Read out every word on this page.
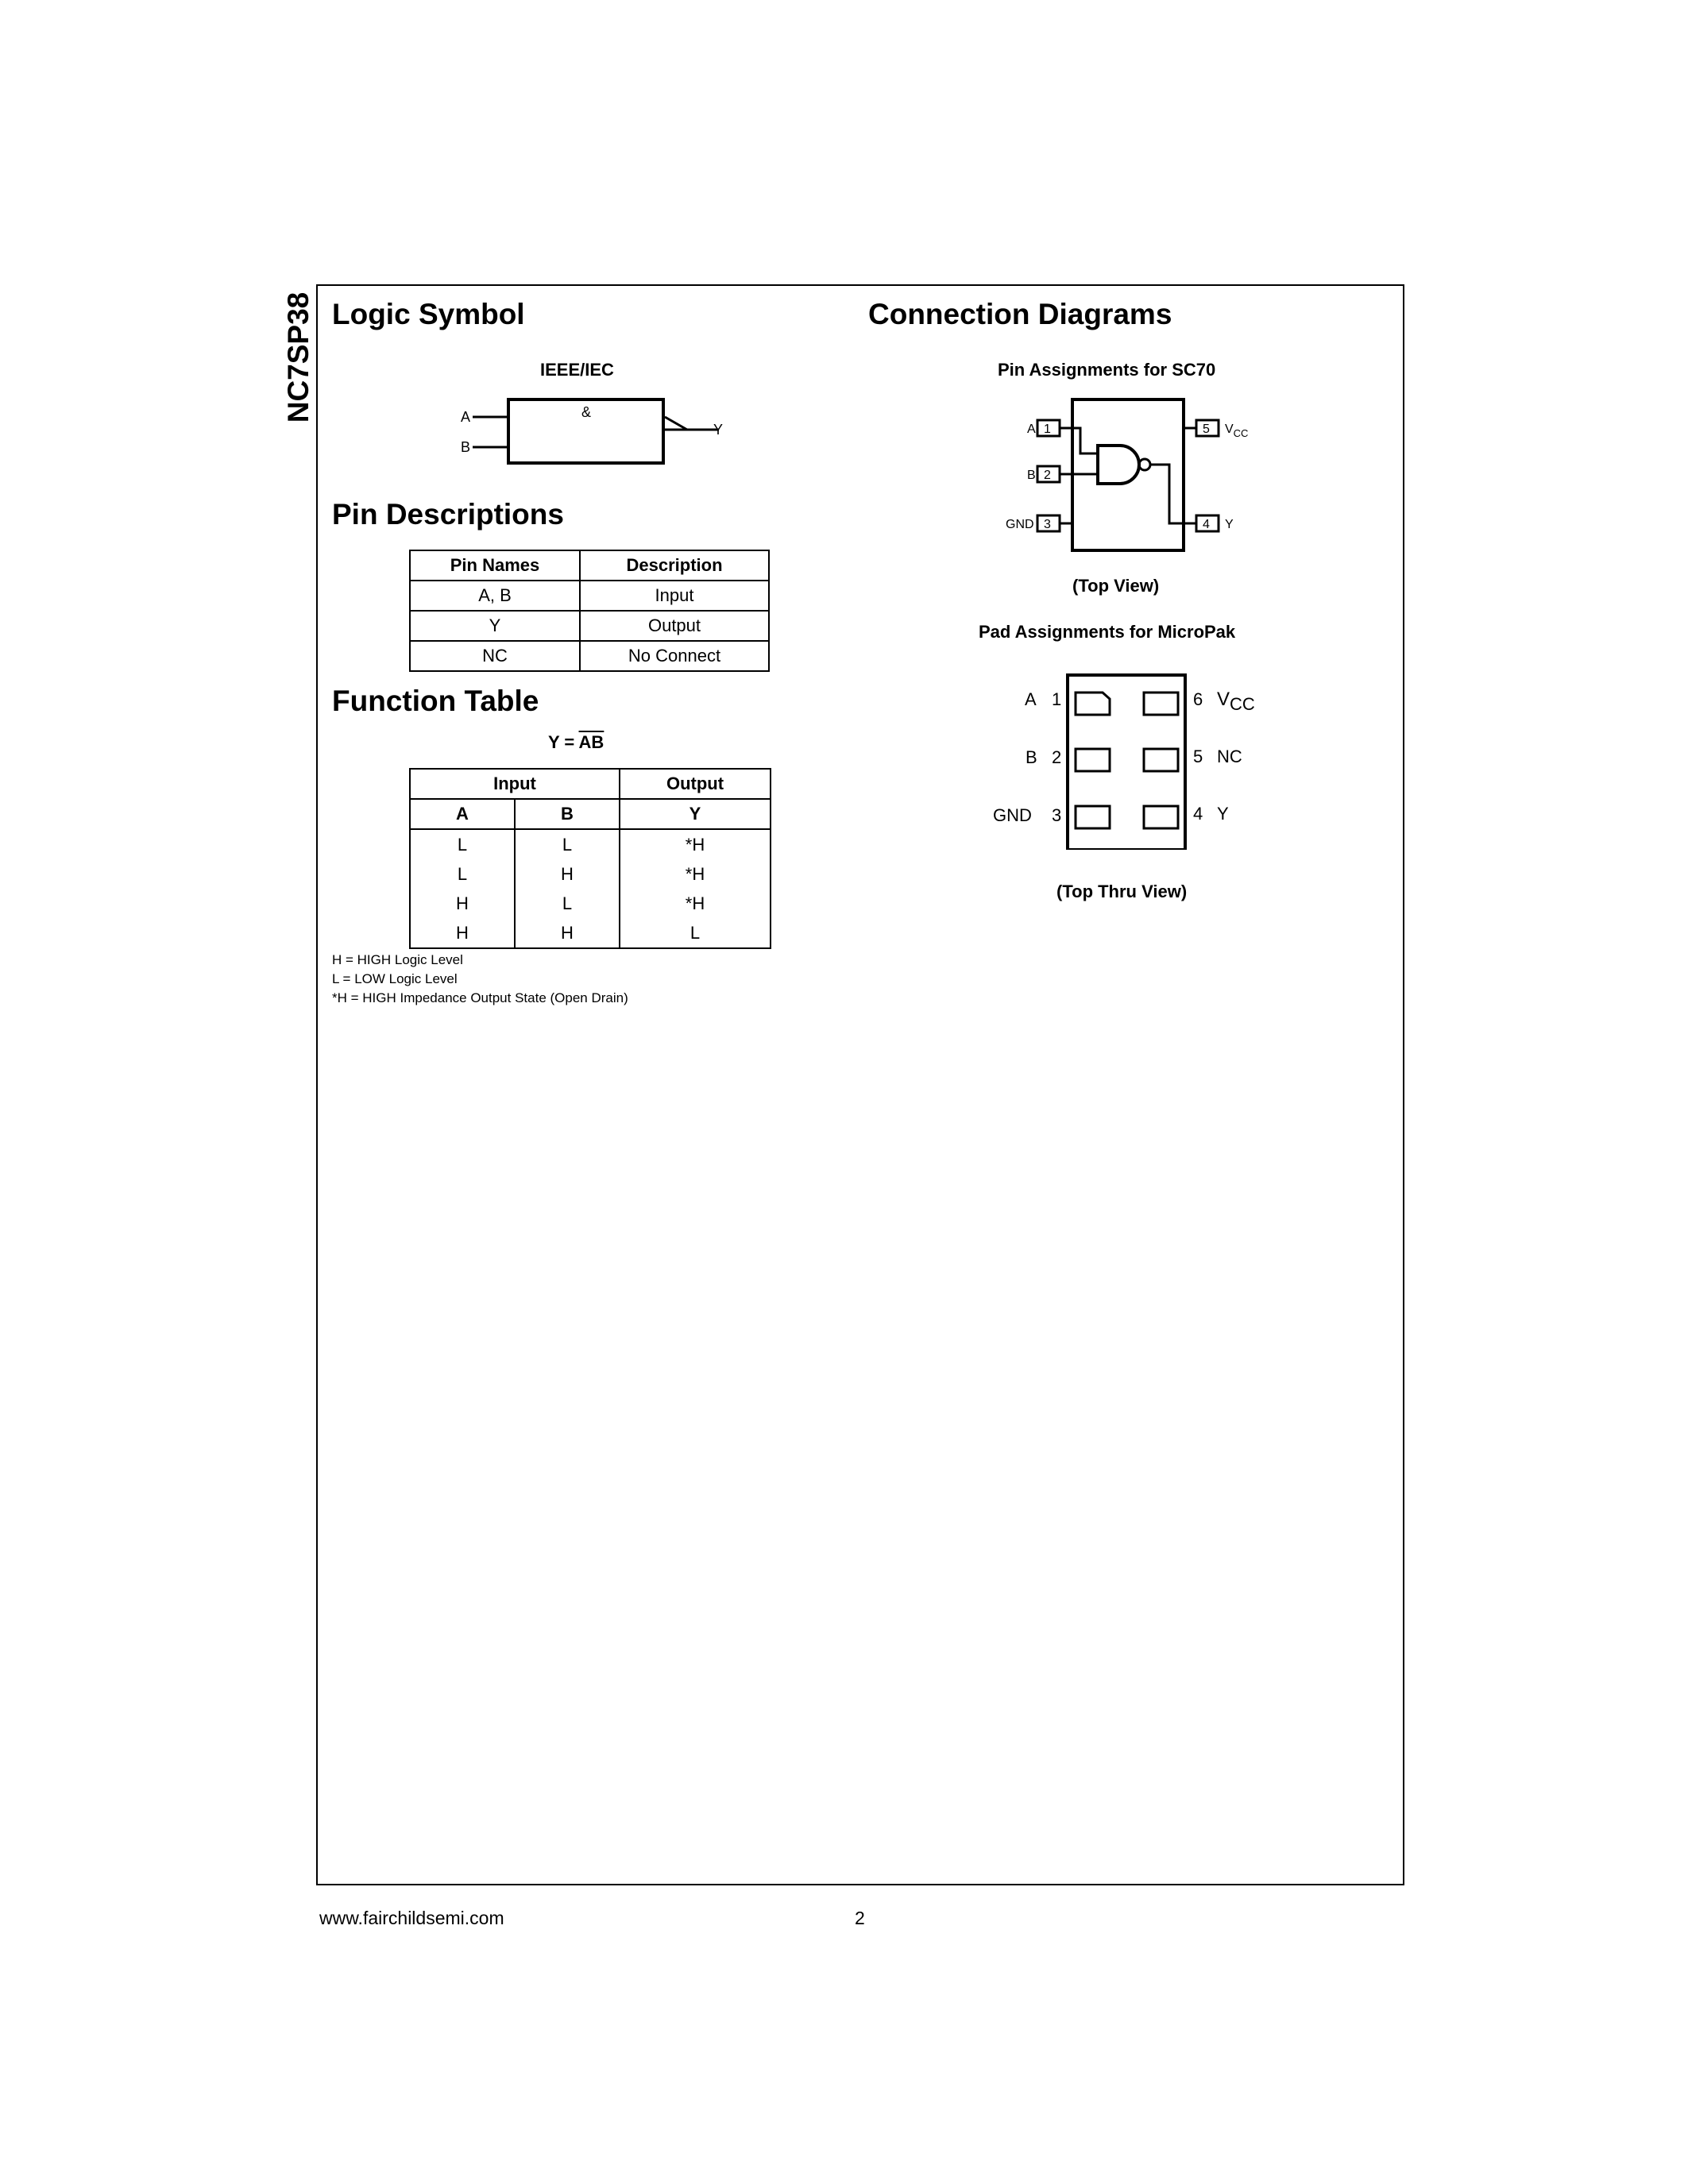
NC7SP38 Logic Symbol
IEEE/IEC
A
B
&
Y
Pin Descriptions
Pin Names	Description
A, B	Input
Y	Output
NC	No Connect
Function Table
$Y = \overline{AB}$
Input		Output
A	B	Y
L	L	*H
L	H	*H
H	L	*H
H	H	L
H = HIGH Logic Level
L = LOW Logic Level
*H = HIGH Impedance Output State (Open Drain)
Connection Diagrams
Pin Assignments for SC70
1
2
3	4
5
A
B
GND	Y
$V_{CC}$
(Top View)
Pad Assignments for MicroPak
A 1
B 2
GND 3	4 Y
5 NC
6 VCC
(Top Thru View)
www.fairchildsemi.com	2
